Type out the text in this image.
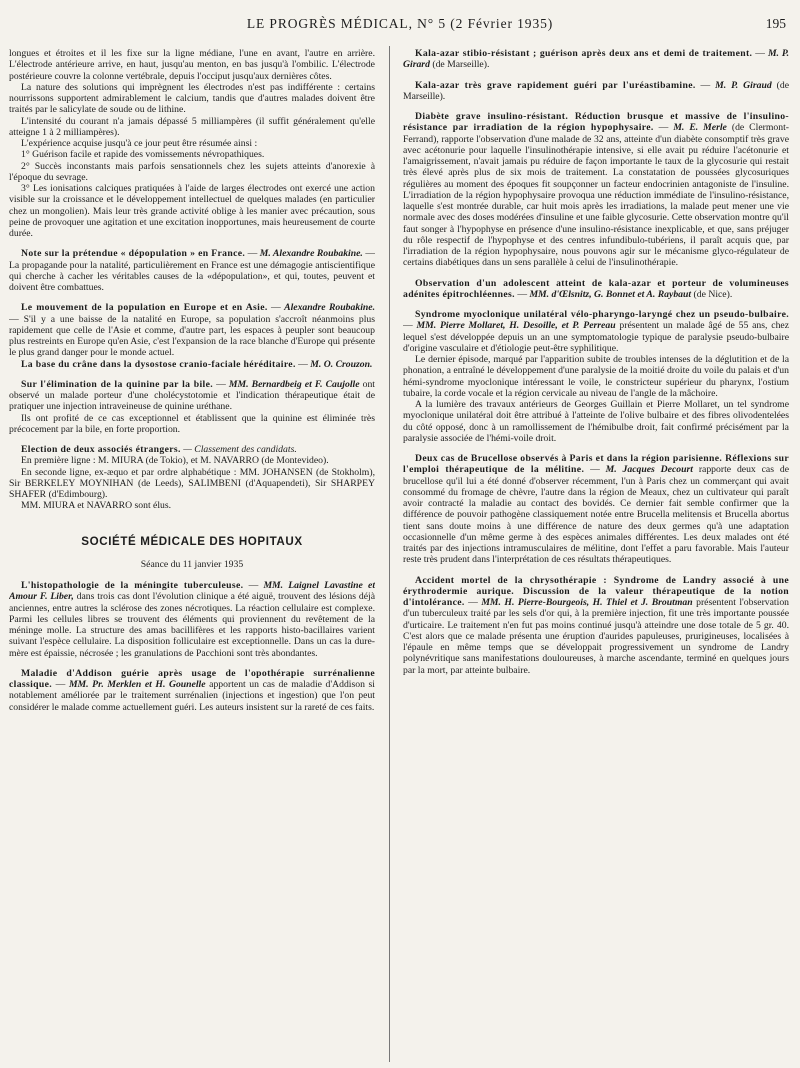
LE PROGRÈS MÉDICAL, N° 5 (2 Février 1935)	195

longues et étroites et il les fixe sur la ligne médiane, l'une en avant, l'autre en arrière. L'électrode antérieure arrive, en haut, jusqu'au menton, en bas jusqu'à l'ombilic. L'électrode postérieure couvre la colonne vertébrale, depuis l'occiput jusqu'aux dernières côtes.

La nature des solutions qui imprègnent les électrodes n'est pas indifférente : certains nourrissons supportent admirablement le calcium, tandis que d'autres malades doivent être traités par le salicylate de soude ou de lithine.

L'intensité du courant n'a jamais dépassé 5 milliampères (il suffit généralement qu'elle atteigne 1 à 2 milliampères).

L'expérience acquise jusqu'à ce jour peut être résumée ainsi :

1° Guérison facile et rapide des vomissements névropathiques.

2° Succès inconstants mais parfois sensationnels chez les sujets atteints d'anorexie à l'époque du sevrage.

3° Les ionisations calciques pratiquées à l'aide de larges électrodes ont exercé une action visible sur la croissance et le développement intellectuel de quelques malades (en particulier chez un mongolien). Mais leur très grande activité oblige à les manier avec précaution, sous peine de provoquer une agitation et une excitation inopportunes, mais heureusement de courte durée.

Note sur la prétendue « dépopulation » en France. — M. Alexandre Roubakine. — La propagande pour la natalité, particulièrement en France est une démagogie antiscientifique qui cherche à cacher les véritables causes de la «dépopulation», et qui, toutes, peuvent et doivent être combattues.

Le mouvement de la population en Europe et en Asie. — Alexandre Roubakine. — S'il y a une baisse de la natalité en Europe, sa population s'accroît néanmoins plus rapidement que celle de l'Asie et comme, d'autre part, les espaces à peupler sont beaucoup plus restreints en Europe qu'en Asie, c'est l'expansion de la race blanche d'Europe qui présente le plus grand danger pour le monde actuel.

La base du crâne dans la dysostose cranio-faciale héréditaire. — M. O. Crouzon.

Sur l'élimination de la quinine par la bile. — MM. Bernardbeig et F. Caujolle ont observé un malade porteur d'une cholécystotomie et l'indication thérapeutique était de pratiquer une injection intraveineuse de quinine uréthane.

Ils ont profité de ce cas exceptionnel et établissent que la quinine est éliminée très précocement par la bile, en forte proportion.

Election de deux associés étrangers. — Classement des candidats.

En première ligne : M. MIURA (de Tokio), et M. NAVARRO (de Montevideo).

En seconde ligne, ex-æquo et par ordre alphabétique : MM. JOHANSEN (de Stokholm), Sir BERKELEY MOYNIHAN (de Leeds), SALIMBENI (d'Aquapendeti), Sir SHARPEY SHAFER (d'Edimbourg).

MM. MIURA et NAVARRO sont élus.

SOCIÉTÉ MÉDICALE DES HOPITAUX
Séance du 11 janvier 1935

L'histopathologie de la méningite tuberculeuse. — MM. Laignel Lavastine et Amour F. Liber, dans trois cas dont l'évolution clinique a été aiguë, trouvent des lésions déjà anciennes, entre autres la sclérose des zones nécrotiques. La réaction cellulaire est complexe. Parmi les cellules libres se trouvent des éléments qui proviennent du revêtement de la méninge molle. La structure des amas bacillifères et les rapports histo-bacillaires varient suivant l'espèce cellulaire. La disposition folliculaire est exceptionnelle. Dans un cas la dure-mère est épaissie, nécrosée ; les granulations de Pacchioni sont très abondantes.

Maladie d'Addison guérie après usage de l'opothérapie surrénalienne classique. — MM. Pr. Merklen et H. Gounelle apportent un cas de maladie d'Addison si notablement améliorée par le traitement surrénalien (injections et ingestion) que l'on peut considérer le malade comme actuellement guéri. Les auteurs insistent sur la rareté de ces faits.

Kala-azar stibio-résistant ; guérison après deux ans et demi de traitement. — M. P. Girard (de Marseille).

Kala-azar très grave rapidement guéri par l'uréastibamine. — M. P. Giraud (de Marseille).

Diabète grave insulino-résistant. Réduction brusque et massive de l'insulino-résistance par irradiation de la région hypophysaire. — M. E. Merle (de Clermont-Ferrand), rapporte l'observation d'une malade de 32 ans, atteinte d'un diabète consomptif très grave avec acétonurie pour laquelle l'insulinothérapie intensive, si elle avait pu réduire l'acétonurie et l'amaigrissement, n'avait jamais pu réduire de façon importante le taux de la glycosurie qui restait très élevé après plus de six mois de traitement. La constatation de poussées glycosuriques régulières au moment des époques fit soupçonner un facteur endocrinien antagoniste de l'insuline. L'irradiation de la région hypophysaire provoqua une réduction immédiate de l'insulino-résistance, laquelle s'est montrée durable, car huit mois après les irradiations, la malade peut mener une vie normale avec des doses modérées d'insuline et une faible glycosurie. Cette observation montre qu'il faut songer à l'hypophyse en présence d'une insulino-résistance inexplicable, et que, sans préjuger du rôle respectif de l'hypophyse et des centres infundibulo-tubériens, il paraît acquis que, par l'irradiation de la région hypophysaire, nous pouvons agir sur le mécanisme glyco-régulateur de certains diabétiques dans un sens parallèle à celui de l'insulinothérapie.

Observation d'un adolescent atteint de kala-azar et porteur de volumineuses adénites épitrochléennes. — MM. d'Œlsnitz, G. Bonnet et A. Raybaut (de Nice).

Syndrome myoclonique unilatéral vélo-pharyngo-laryngé chez un pseudo-bulbaire. — MM. Pierre Mollaret, H. Desoille, et P. Perreau présentent un malade âgé de 55 ans, chez lequel s'est développée depuis un an une symptomatologie typique de paralysie pseudo-bulbaire d'origine vasculaire et d'étiologie peut-être syphilitique.

Le dernier épisode, marqué par l'apparition subite de troubles intenses de la déglutition et de la phonation, a entraîné le développement d'une paralysie de la moitié droite du voile du palais et d'un hémi-syndrome myoclonique intéressant le voile, le constricteur supérieur du pharynx, l'ostium tubaire, la corde vocale et la région cervicale au niveau de l'angle de la mâchoire.

A la lumière des travaux antérieurs de Georges Guillain et Pierre Mollaret, un tel syndrome myoclonique unilatéral doit être attribué à l'atteinte de l'olive bulbaire et des fibres olivodentelées du côté opposé, donc à un ramollissement de l'hémibulbe droit, fait confirmé précisément par la paralysie associée de l'hémi-voile droit.

Deux cas de Brucellose observés à Paris et dans la région parisienne. Réflexions sur l'emploi thérapeutique de la mélitine. — M. Jacques Decourt rapporte deux cas de brucellose qu'il lui a été donné d'observer récemment, l'un à Paris chez un commerçant qui avait consommé du fromage de chèvre, l'autre dans la région de Meaux, chez un cultivateur qui paraît avoir contracté la maladie au contact des bovidés. Ce dernier fait semble confirmer que la différence de pouvoir pathogène classiquement notée entre Brucella melitensis et Brucella abortus tient sans doute moins à une différence de nature des deux germes qu'à une adaptation occasionnelle d'un même germe à des espèces animales différentes. Les deux malades ont été traités par des injections intramusculaires de mélitine, dont l'effet a paru favorable. Mais l'auteur reste très prudent dans l'interprétation de ces résultats thérapeutiques.

Accident mortel de la chrysothérapie : Syndrome de Landry associé à une érythrodermie aurique. Discussion de la valeur thérapeutique de la notion d'intolérance. — MM. H. Pierre-Bourgeois, H. Thiel et J. Broutman présentent l'observation d'un tuberculeux traité par les sels d'or qui, à la première injection, fit une très importante poussée d'urticaire. Le traitement n'en fut pas moins continué jusqu'à atteindre une dose totale de 5 gr. 40. C'est alors que ce malade présenta une éruption d'aurides papuleuses, prurigineuses, localisées à l'épaule en même temps que se développait progressivement un syndrome de Landry polynévritique sans manifestations douloureuses, à marche ascendante, terminé en quelques jours par la mort, par atteinte bulbaire.
